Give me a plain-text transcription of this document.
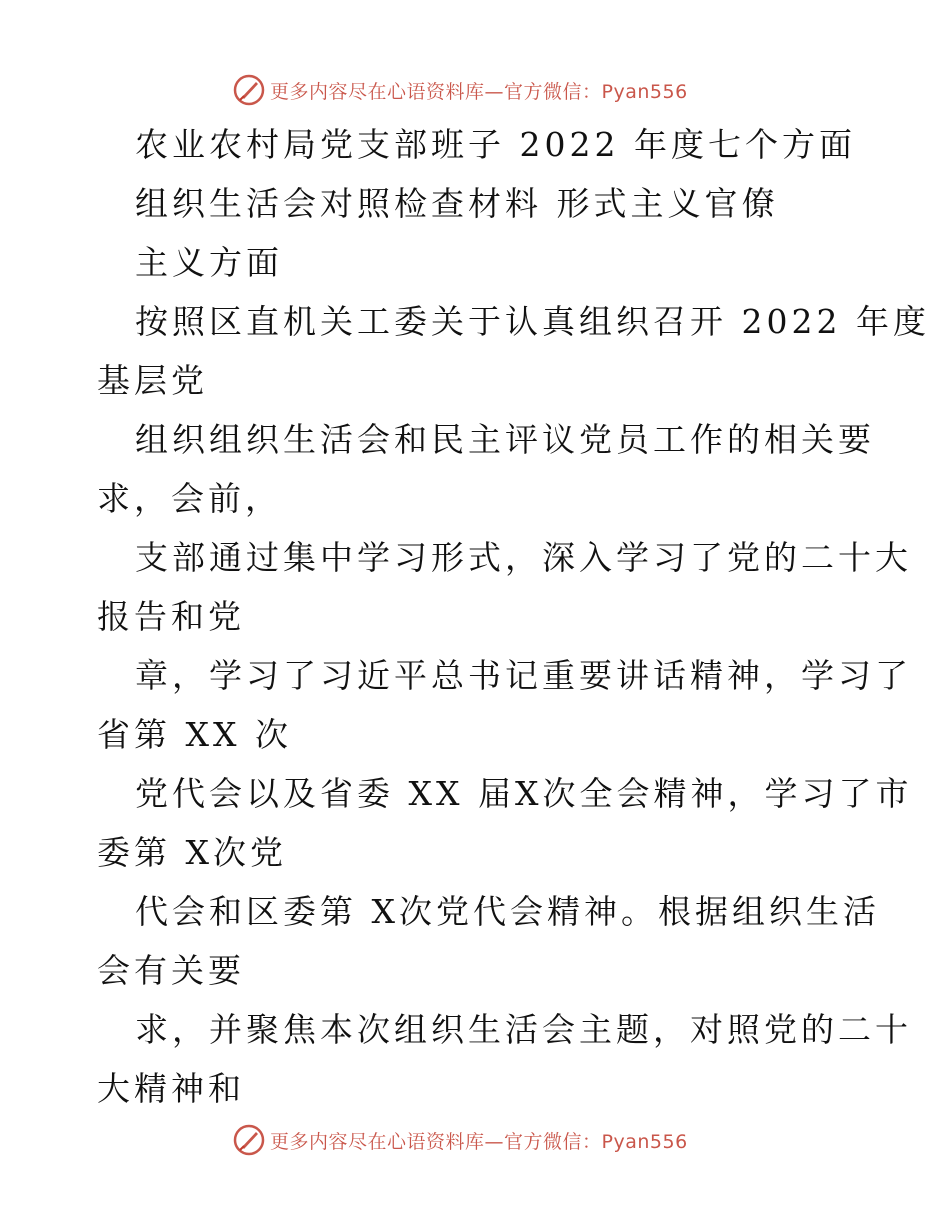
更多内容尽在心语资料库—官方微信：Pyan556
农业农村局党支部班子 2022 年度七个方面
组织生活会对照检查材料 形式主义官僚
主义方面
按照区直机关工委关于认真组织召开 2022 年度
基层党
组织组织生活会和民主评议党员工作的相关要
求，会前，
支部通过集中学习形式，深入学习了党的二十大
报告和党
章，学习了习近平总书记重要讲话精神，学习了
省第 XX 次
党代会以及省委 XX 届X次全会精神，学习了市
委第 X次党
代会和区委第 X次党代会精神。根据组织生活
会有关要
求，并聚焦本次组织生活会主题，对照党的二十
大精神和
更多内容尽在心语资料库—官方微信：Pyan556
